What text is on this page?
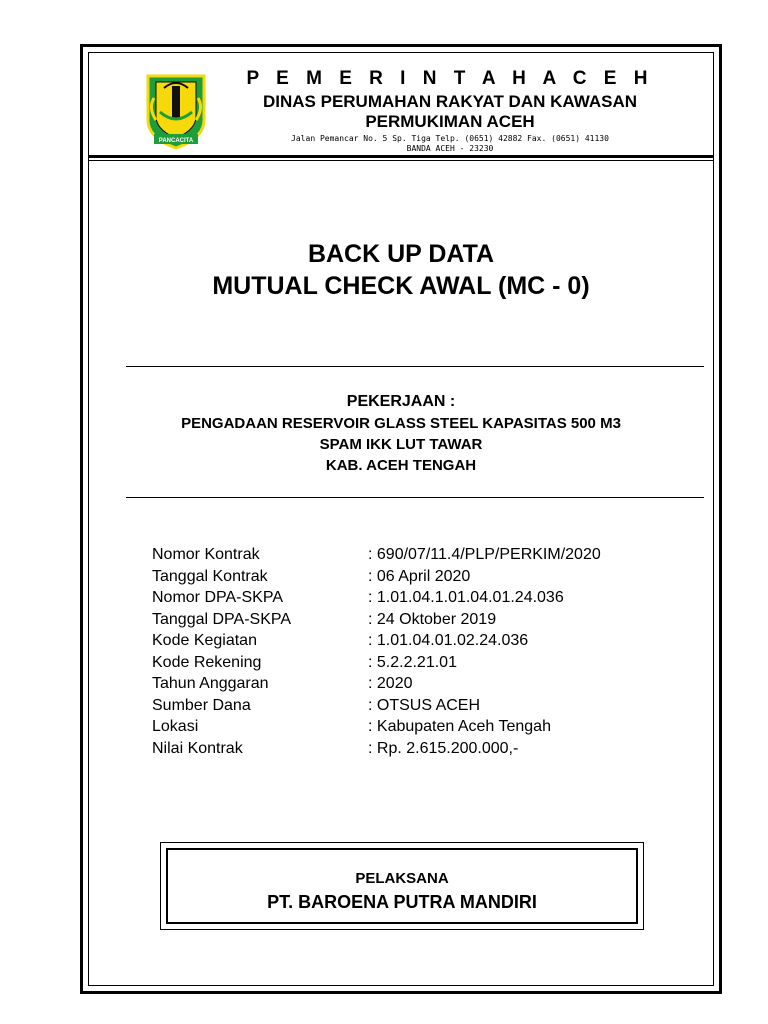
PANCACITA
P E M E R I N T A H A C E H
DINAS PERUMAHAN RAKYAT DAN KAWASAN
PERMUKIMAN ACEH
Jalan Pemancar No. 5 Sp. Tiga Telp. (0651) 42882 Fax. (0651) 41130
BANDA ACEH - 23230
BACK UP DATA
MUTUAL CHECK AWAL (MC - 0)
PEKERJAAN :
PENGADAAN RESERVOIR GLASS STEEL KAPASITAS 500 M3
SPAM IKK LUT TAWAR
KAB. ACEH TENGAH
Nomor Kontrak	: 690/07/11.4/PLP/PERKIM/2020
Tanggal Kontrak	: 06 April 2020
Nomor DPA-SKPA	: 1.01.04.1.01.04.01.24.036
Tanggal DPA-SKPA	: 24 Oktober 2019
Kode Kegiatan	: 1.01.04.01.02.24.036
Kode Rekening	: 5.2.2.21.01
Tahun Anggaran	: 2020
Sumber Dana	: OTSUS ACEH
Lokasi	: Kabupaten Aceh Tengah
Nilai Kontrak	: Rp. 2.615.200.000,-
PELAKSANA
PT. BAROENA PUTRA MANDIRI
